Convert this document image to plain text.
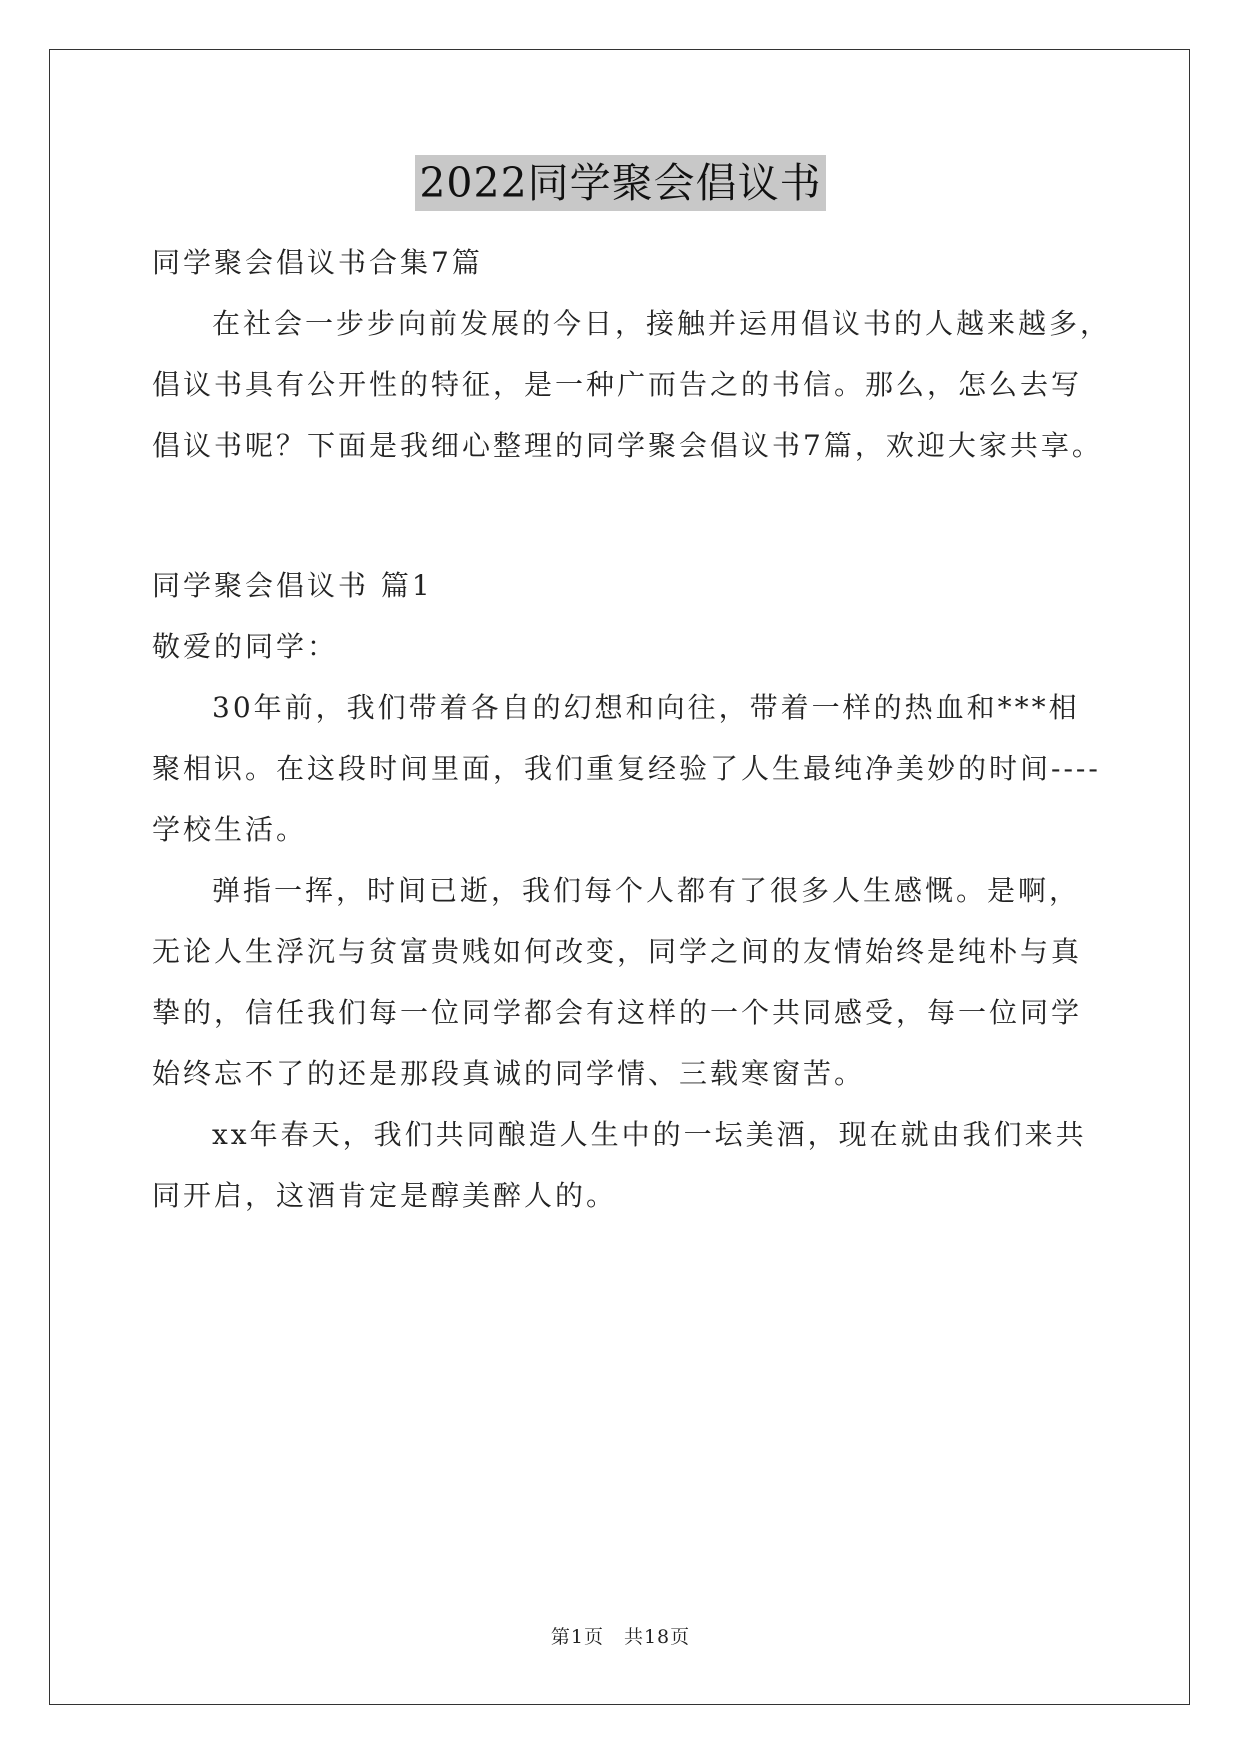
2022同学聚会倡议书
同学聚会倡议书合集7篇
在社会一步步向前发展的今日，接触并运用倡议书的人越来越多，
倡议书具有公开性的特征，是一种广而告之的书信。那么，怎么去写
倡议书呢？下面是我细心整理的同学聚会倡议书7篇，欢迎大家共享。
同学聚会倡议书 篇1
敬爱的同学：
30年前，我们带着各自的幻想和向往，带着一样的热血和***相
聚相识。在这段时间里面，我们重复经验了人生最纯净美妙的时间----
学校生活。
弹指一挥，时间已逝，我们每个人都有了很多人生感慨。是啊，
无论人生浮沉与贫富贵贱如何改变，同学之间的友情始终是纯朴与真
挚的，信任我们每一位同学都会有这样的一个共同感受，每一位同学
始终忘不了的还是那段真诚的同学情、三载寒窗苦。
xx年春天，我们共同酿造人生中的一坛美酒，现在就由我们来共
同开启，这酒肯定是醇美醉人的。
第1页 共18页
